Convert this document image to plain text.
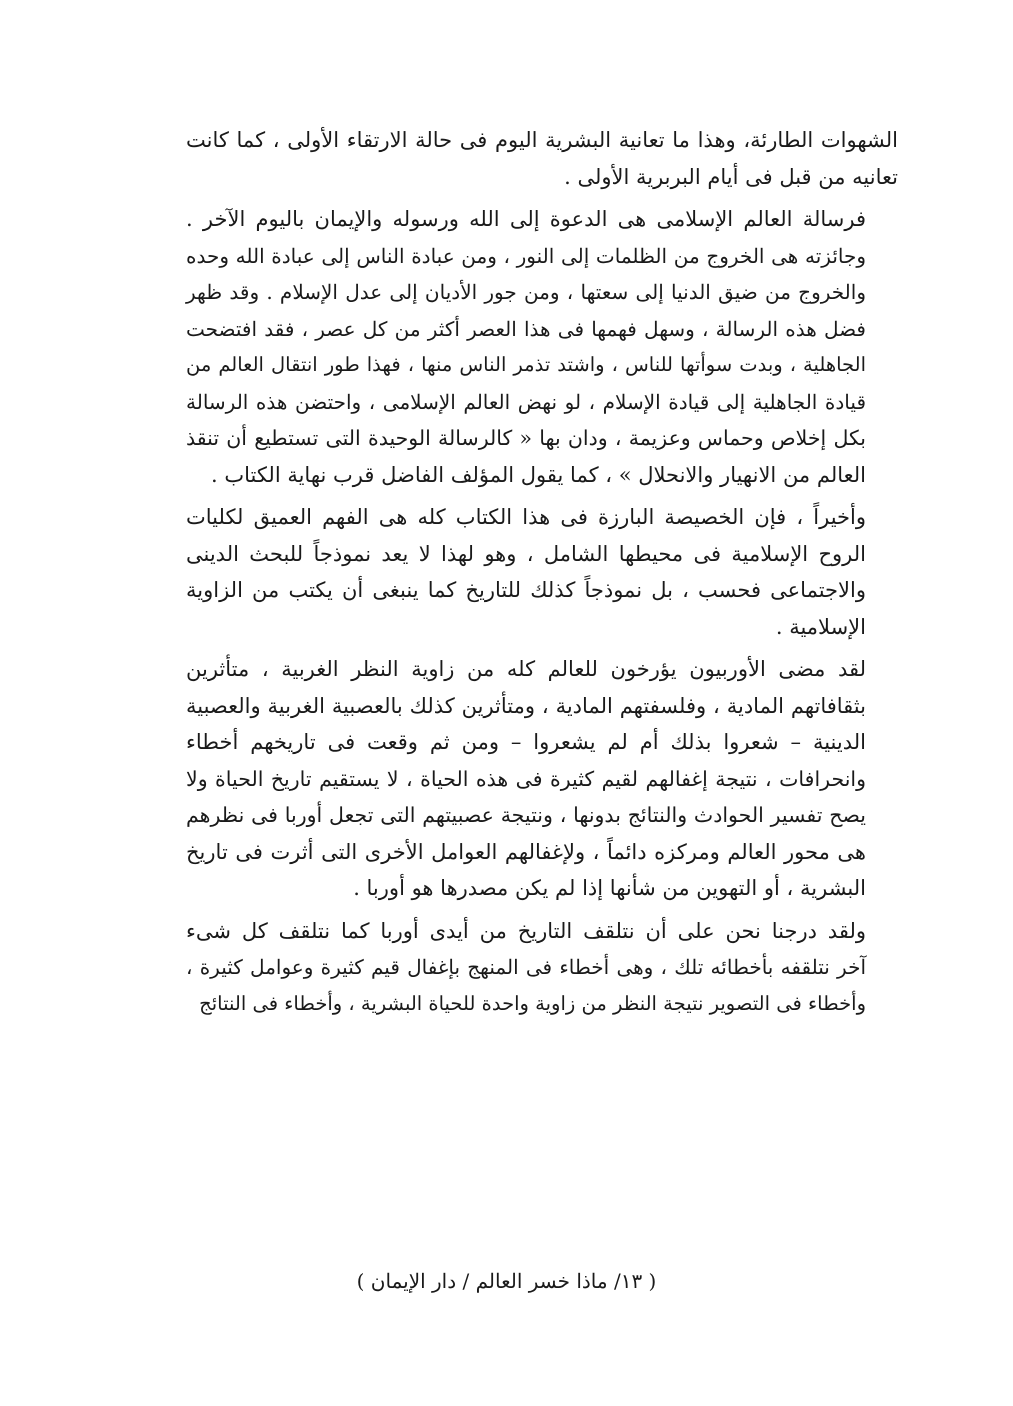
الشهوات الطارئة، وهذا ما تعانية البشرية اليوم فى حالة الارتقاء الأولى ، كما كانت
تعانيه من قبل فى أيام البربرية الأولى .
فرسالة العالم الإسلامى هى الدعوة إلى الله ورسوله والإيمان باليوم الآخر .
وجائزته هى الخروج من الظلمات إلى النور ، ومن عبادة الناس إلى عبادة الله وحده
والخروج من ضيق الدنيا إلى سعتها ، ومن جور الأديان إلى عدل الإسلام . وقد ظهر
فضل هذه الرسالة ، وسهل فهمها فى هذا العصر أكثر من كل عصر ، فقد افتضحت
الجاهلية ، وبدت سوأتها للناس ، واشتد تذمر الناس منها ، فهذا طور انتقال العالم من
قيادة الجاهلية إلى قيادة الإسلام ، لو نهض العالم الإسلامى ، واحتضن هذه الرسالة
بكل إخلاص وحماس وعزيمة ، ودان بها « كالرسالة الوحيدة التى تستطيع أن تنقذ
العالم من الانهيار والانحلال » ، كما يقول المؤلف الفاضل قرب نهاية الكتاب .
وأخيراً ، فإن الخصيصة البارزة فى هذا الكتاب كله هى الفهم العميق لكليات
الروح الإسلامية فى محيطها الشامل ، وهو لهذا لا يعد نموذجاً للبحث الدينى
والاجتماعى فحسب ، بل نموذجاً كذلك للتاريخ كما ينبغى أن يكتب من الزاوية
الإسلامية .
لقد مضى الأوربيون يؤرخون للعالم كله من زاوية النظر الغربية ، متأثرين
بثقافاتهم المادية ، وفلسفتهم المادية ، ومتأثرين كذلك بالعصبية الغربية والعصبية
الدينية – شعروا بذلك أم لم يشعروا – ومن ثم وقعت فى تاريخهم أخطاء
وانحرافات ، نتيجة إغفالهم لقيم كثيرة فى هذه الحياة ، لا يستقيم تاريخ الحياة ولا
يصح تفسير الحوادث والنتائج بدونها ، ونتيجة عصبيتهم التى تجعل أوربا فى نظرهم
هى محور العالم ومركزه دائماً ، ولإغفالهم العوامل الأخرى التى أثرت فى تاريخ
البشرية ، أو التهوين من شأنها إذا لم يكن مصدرها هو أوربا .
ولقد درجنا نحن على أن نتلقف التاريخ من أيدى أوربا كما نتلقف كل شىء
آخر نتلقفه بأخطائه تلك ، وهى أخطاء فى المنهج بإغفال قيم كثيرة وعوامل كثيرة ،
وأخطاء فى التصوير نتيجة النظر من زاوية واحدة للحياة البشرية ، وأخطاء فى النتائج
( ١٣/ ماذا خسر العالم / دار الإيمان )
